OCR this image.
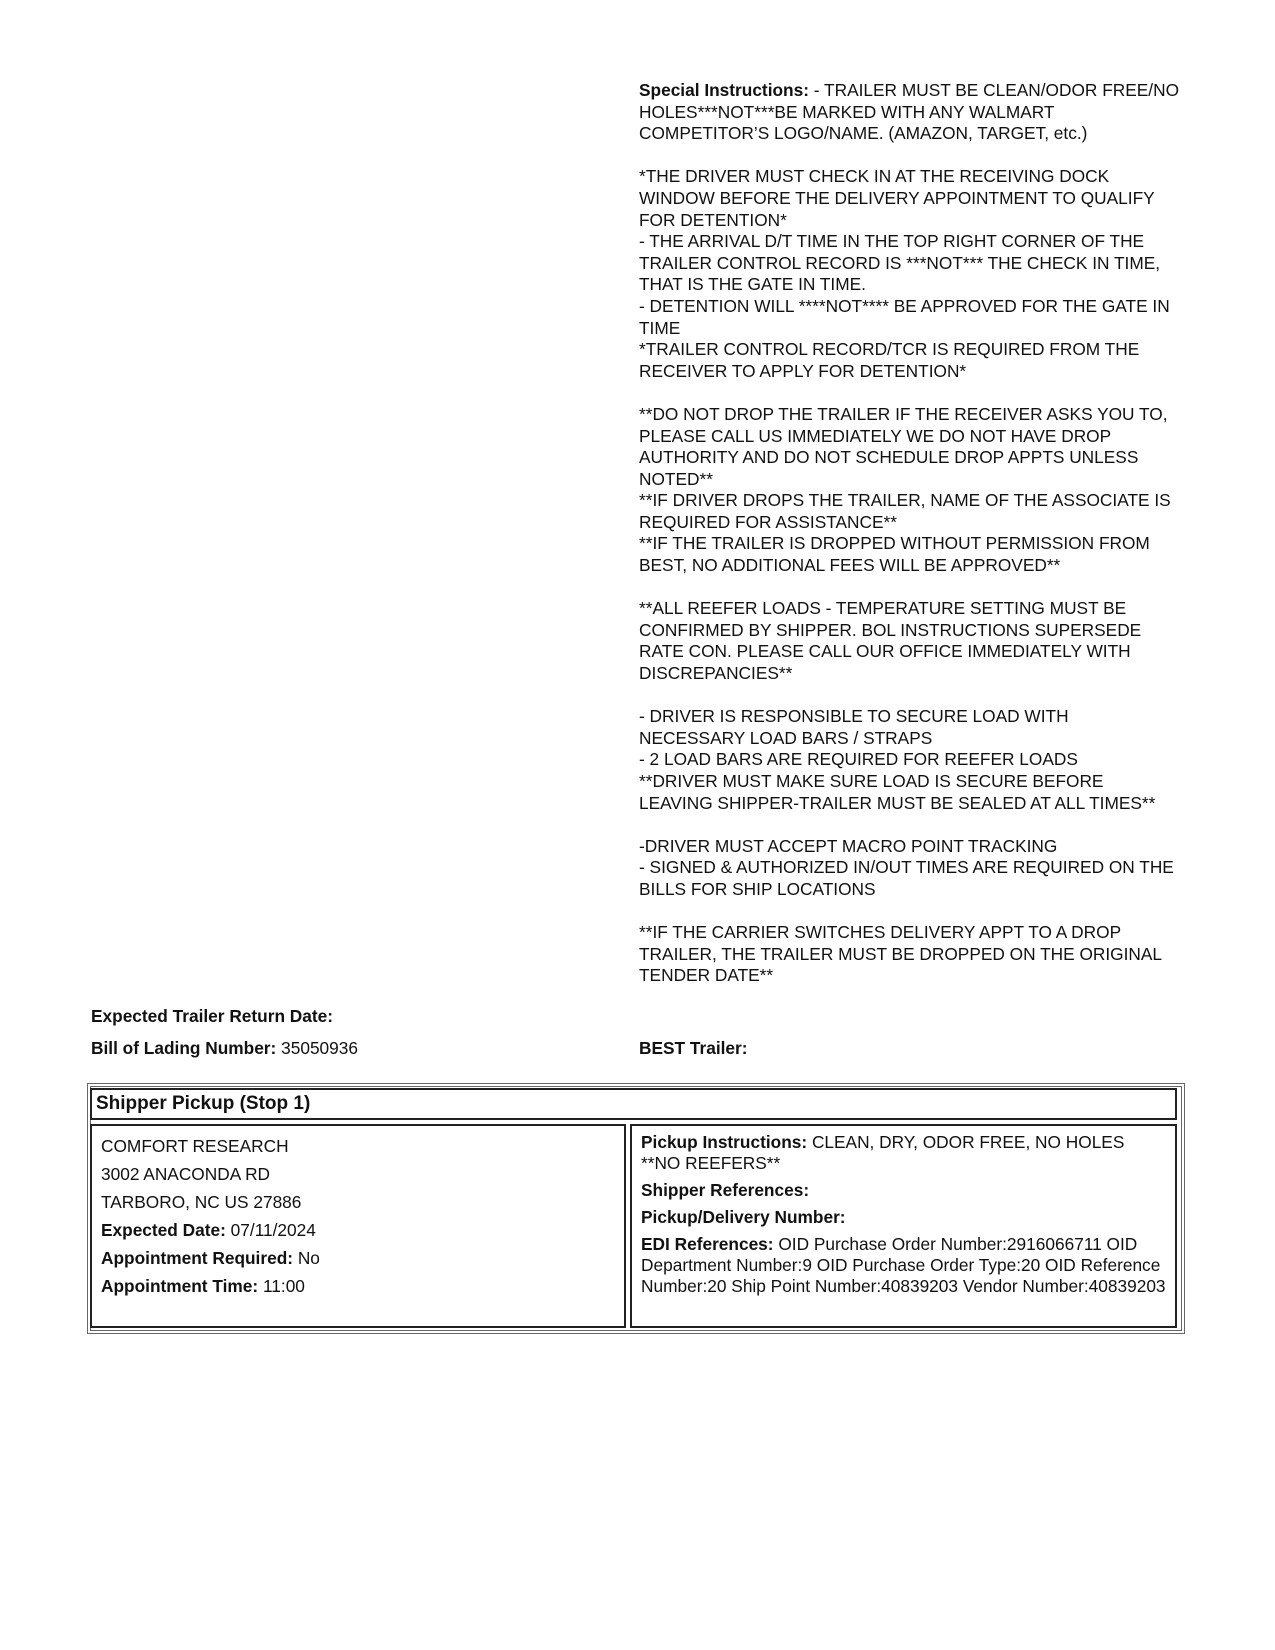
Special Instructions: - TRAILER MUST BE CLEAN/ODOR FREE/NO HOLES***NOT***BE MARKED WITH ANY WALMART COMPETITOR’S LOGO/NAME. (AMAZON, TARGET, etc.)

*THE DRIVER MUST CHECK IN AT THE RECEIVING DOCK WINDOW BEFORE THE DELIVERY APPOINTMENT TO QUALIFY FOR DETENTION*
- THE ARRIVAL D/T TIME IN THE TOP RIGHT CORNER OF THE TRAILER CONTROL RECORD IS ***NOT*** THE CHECK IN TIME, THAT IS THE GATE IN TIME.
- DETENTION WILL ****NOT**** BE APPROVED FOR THE GATE IN TIME
*TRAILER CONTROL RECORD/TCR IS REQUIRED FROM THE RECEIVER TO APPLY FOR DETENTION*

**DO NOT DROP THE TRAILER IF THE RECEIVER ASKS YOU TO, PLEASE CALL US IMMEDIATELY WE DO NOT HAVE DROP AUTHORITY AND DO NOT SCHEDULE DROP APPTS UNLESS NOTED**
**IF DRIVER DROPS THE TRAILER, NAME OF THE ASSOCIATE IS REQUIRED FOR ASSISTANCE**
**IF THE TRAILER IS DROPPED WITHOUT PERMISSION FROM BEST, NO ADDITIONAL FEES WILL BE APPROVED**

**ALL REEFER LOADS - TEMPERATURE SETTING MUST BE CONFIRMED BY SHIPPER. BOL INSTRUCTIONS SUPERSEDE RATE CON. PLEASE CALL OUR OFFICE IMMEDIATELY WITH DISCREPANCIES**

- DRIVER IS RESPONSIBLE TO SECURE LOAD WITH NECESSARY LOAD BARS / STRAPS
- 2 LOAD BARS ARE REQUIRED FOR REEFER LOADS
**DRIVER MUST MAKE SURE LOAD IS SECURE BEFORE LEAVING SHIPPER-TRAILER MUST BE SEALED AT ALL TIMES**

-DRIVER MUST ACCEPT MACRO POINT TRACKING
- SIGNED & AUTHORIZED IN/OUT TIMES ARE REQUIRED ON THE BILLS FOR SHIP LOCATIONS

**IF THE CARRIER SWITCHES DELIVERY APPT TO A DROP TRAILER, THE TRAILER MUST BE DROPPED ON THE ORIGINAL TENDER DATE**

Expected Trailer Return Date:
Bill of Lading Number: 35050936	BEST Trailer:
Shipper Pickup (Stop 1)
COMFORT RESEARCH
3002 ANACONDA RD
TARBORO, NC US 27886
Expected Date: 07/11/2024
Appointment Required: No
Appointment Time: 11:00
Pickup Instructions: CLEAN, DRY, ODOR FREE, NO HOLES **NO REEFERS**
Shipper References:
Pickup/Delivery Number:
EDI References: OID Purchase Order Number:2916066711 OID Department Number:9 OID Purchase Order Type:20 OID Reference Number:20 Ship Point Number:40839203 Vendor Number:40839203
